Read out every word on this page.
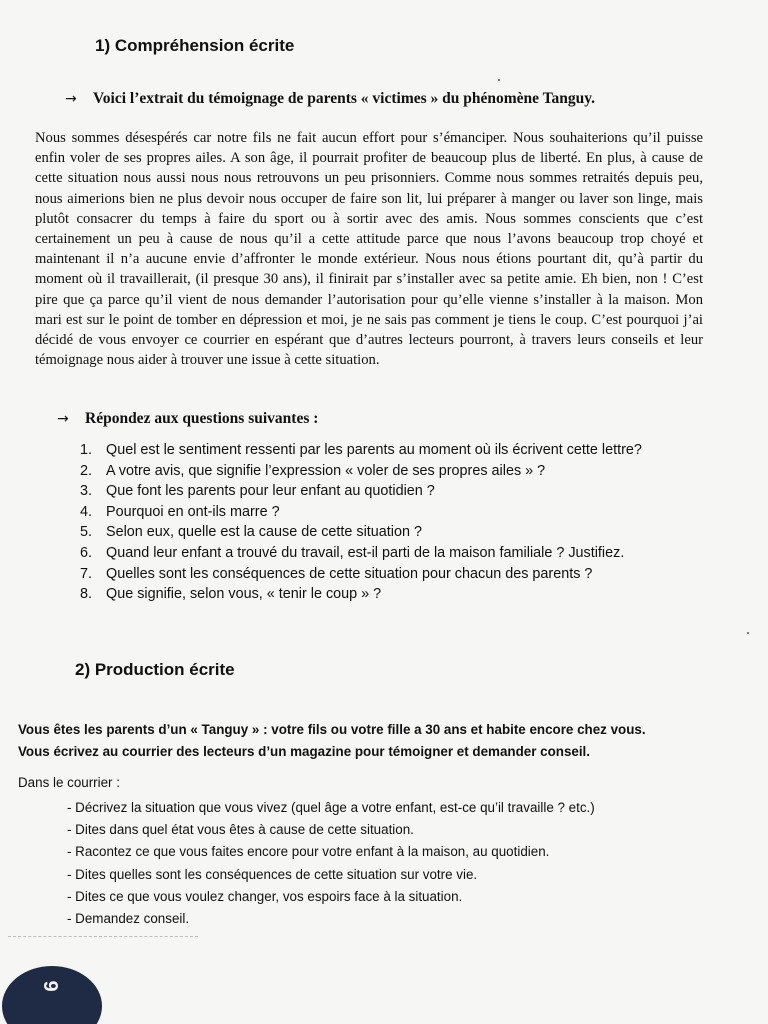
1) Compréhension écrite
→ Voici l’extrait du témoignage de parents « victimes » du phénomène Tanguy.
Nous sommes désespérés car notre fils ne fait aucun effort pour s’émanciper. Nous souhaiterions qu’il puisse enfin voler de ses propres ailes. A son âge, il pourrait profiter de beaucoup plus de liberté. En plus, à cause de cette situation nous aussi nous nous retrouvons un peu prisonniers. Comme nous sommes retraités depuis peu, nous aimerions bien ne plus devoir nous occuper de faire son lit, lui préparer à manger ou laver son linge, mais plutôt consacrer du temps à faire du sport ou à sortir avec des amis. Nous sommes conscients que c’est certainement un peu à cause de nous qu’il a cette attitude parce que nous l’avons beaucoup trop choyé et maintenant il n’a aucune envie d’affronter le monde extérieur. Nous nous étions pourtant dit, qu’à partir du moment où il travaillerait, (il presque 30 ans), il finirait par s’installer avec sa petite amie. Eh bien, non ! C’est pire que ça parce qu’il vient de nous demander l’autorisation pour qu’elle vienne s’installer à la maison. Mon mari est sur le point de tomber en dépression et moi, je ne sais pas comment je tiens le coup. C’est pourquoi j’ai décidé de vous envoyer ce courrier en espérant que d’autres lecteurs pourront, à travers leurs conseils et leur témoignage nous aider à trouver une issue à cette situation.
→ Répondez aux questions suivantes :
1. Quel est le sentiment ressenti par les parents au moment où ils écrivent cette lettre?
2. A votre avis, que signifie l’expression « voler de ses propres ailes » ?
3. Que font les parents pour leur enfant au quotidien ?
4. Pourquoi en ont-ils marre ?
5. Selon eux, quelle est la cause de cette situation ?
6. Quand leur enfant a trouvé du travail, est-il parti de la maison familiale ? Justifiez.
7. Quelles sont les conséquences de cette situation pour chacun des parents ?
8. Que signifie, selon vous, « tenir le coup » ?
2) Production écrite
Vous êtes les parents d’un « Tanguy » : votre fils ou votre fille a 30 ans et habite encore chez vous.
Vous écrivez au courrier des lecteurs d’un magazine pour témoigner et demander conseil.
Dans le courrier :
- Décrivez la situation que vous vivez (quel âge a votre enfant, est-ce qu’il travaille ? etc.)
- Dites dans quel état vous êtes à cause de cette situation.
- Racontez ce que vous faites encore pour votre enfant à la maison, au quotidien.
- Dites quelles sont les conséquences de cette situation sur votre vie.
- Dites ce que vous voulez changer, vos espoirs face à la situation.
- Demandez conseil.
6
